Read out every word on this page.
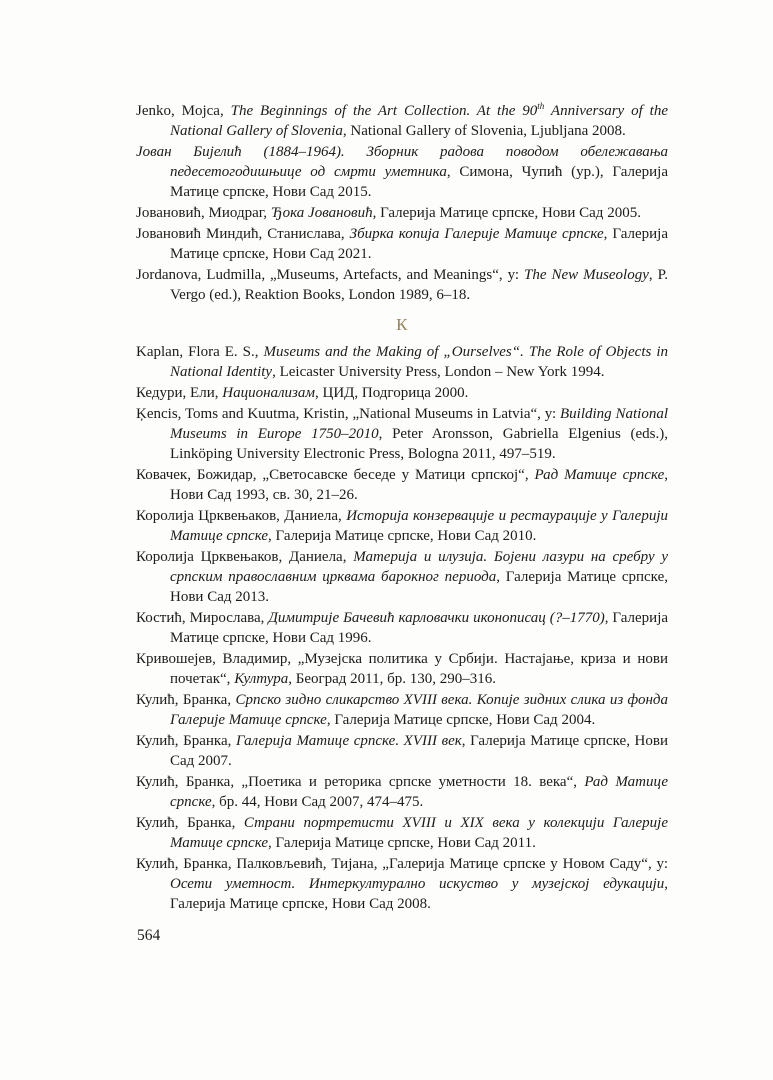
Jenko, Mojca, The Beginnings of the Art Collection. At the 90th Anniversary of the National Gallery of Slovenia, National Gallery of Slovenia, Ljubljana 2008.

Јован Бијелић (1884–1964). Зборник радова поводом обележавања педесетогодишњице од смрти уметника, Симона, Чупић (ур.), Галерија Матице српске, Нови Сад 2015.

Јовановић, Миодраг, Ђока Јовановић, Галерија Матице српске, Нови Сад 2005.

Јовановић Миндић, Станислава, Збирка копија Галерије Матице српске, Галерија Матице српске, Нови Сад 2021.

Jordanova, Ludmilla, „Museums, Artefacts, and Meanings“, у: The New Museology, P. Vergo (ed.), Reaktion Books, London 1989, 6–18.

К

Kaplan, Flora E. S., Museums and the Making of „Ourselves“. The Role of Objects in National Identity, Leicaster University Press, London – New York 1994.

Кедури, Ели, Национализам, ЦИД, Подгорица 2000.

Ķencis, Toms and Kuutma, Kristin, „National Museums in Latvia“, у: Building National Museums in Europe 1750–2010, Peter Aronsson, Gabriella Elgenius (eds.), Linköping University Electronic Press, Bologna 2011, 497–519.

Ковачек, Божидар, „Светосавске беседе у Матици српској“, Рад Матице српске, Нови Сад 1993, св. 30, 21–26.

Королија Црквењаков, Даниела, Историја конзервације и рестаурације у Галерији Матице српске, Галерија Матице српске, Нови Сад 2010.

Королија Црквењаков, Даниела, Материја и илузија. Бојени лазури на сребру у српским православним црквама барокног периода, Галерија Матице српске, Нови Сад 2013.

Костић, Мирослава, Димитрије Бачевић карловачки иконописац (?–1770), Галерија Матице српске, Нови Сад 1996.

Кривошејев, Владимир, „Музејска политика у Србији. Настајање, криза и нови почетак“, Култура, Београд 2011, бр. 130, 290–316.

Кулић, Бранка, Српско зидно сликарство XVIII века. Копије зидних слика из фонда Галерије Матице српске, Галерија Матице српске, Нови Сад 2004.

Кулић, Бранка, Галерија Матице српске. XVIII век, Галерија Матице српске, Нови Сад 2007.

Кулић, Бранка, „Поетика и реторика српске уметности 18. века“, Рад Матице српске, бр. 44, Нови Сад 2007, 474–475.

Кулић, Бранка, Страни портретисти XVIII и XIX века у колекцији Галерије Матице српске, Галерија Матице српске, Нови Сад 2011.

Кулић, Бранка, Палковљевић, Тијана, „Галерија Матице српске у Новом Саду“, у: Осети уметност. Интеркултурално искуство у музејској едукацији, Галерија Матице српске, Нови Сад 2008.

564
